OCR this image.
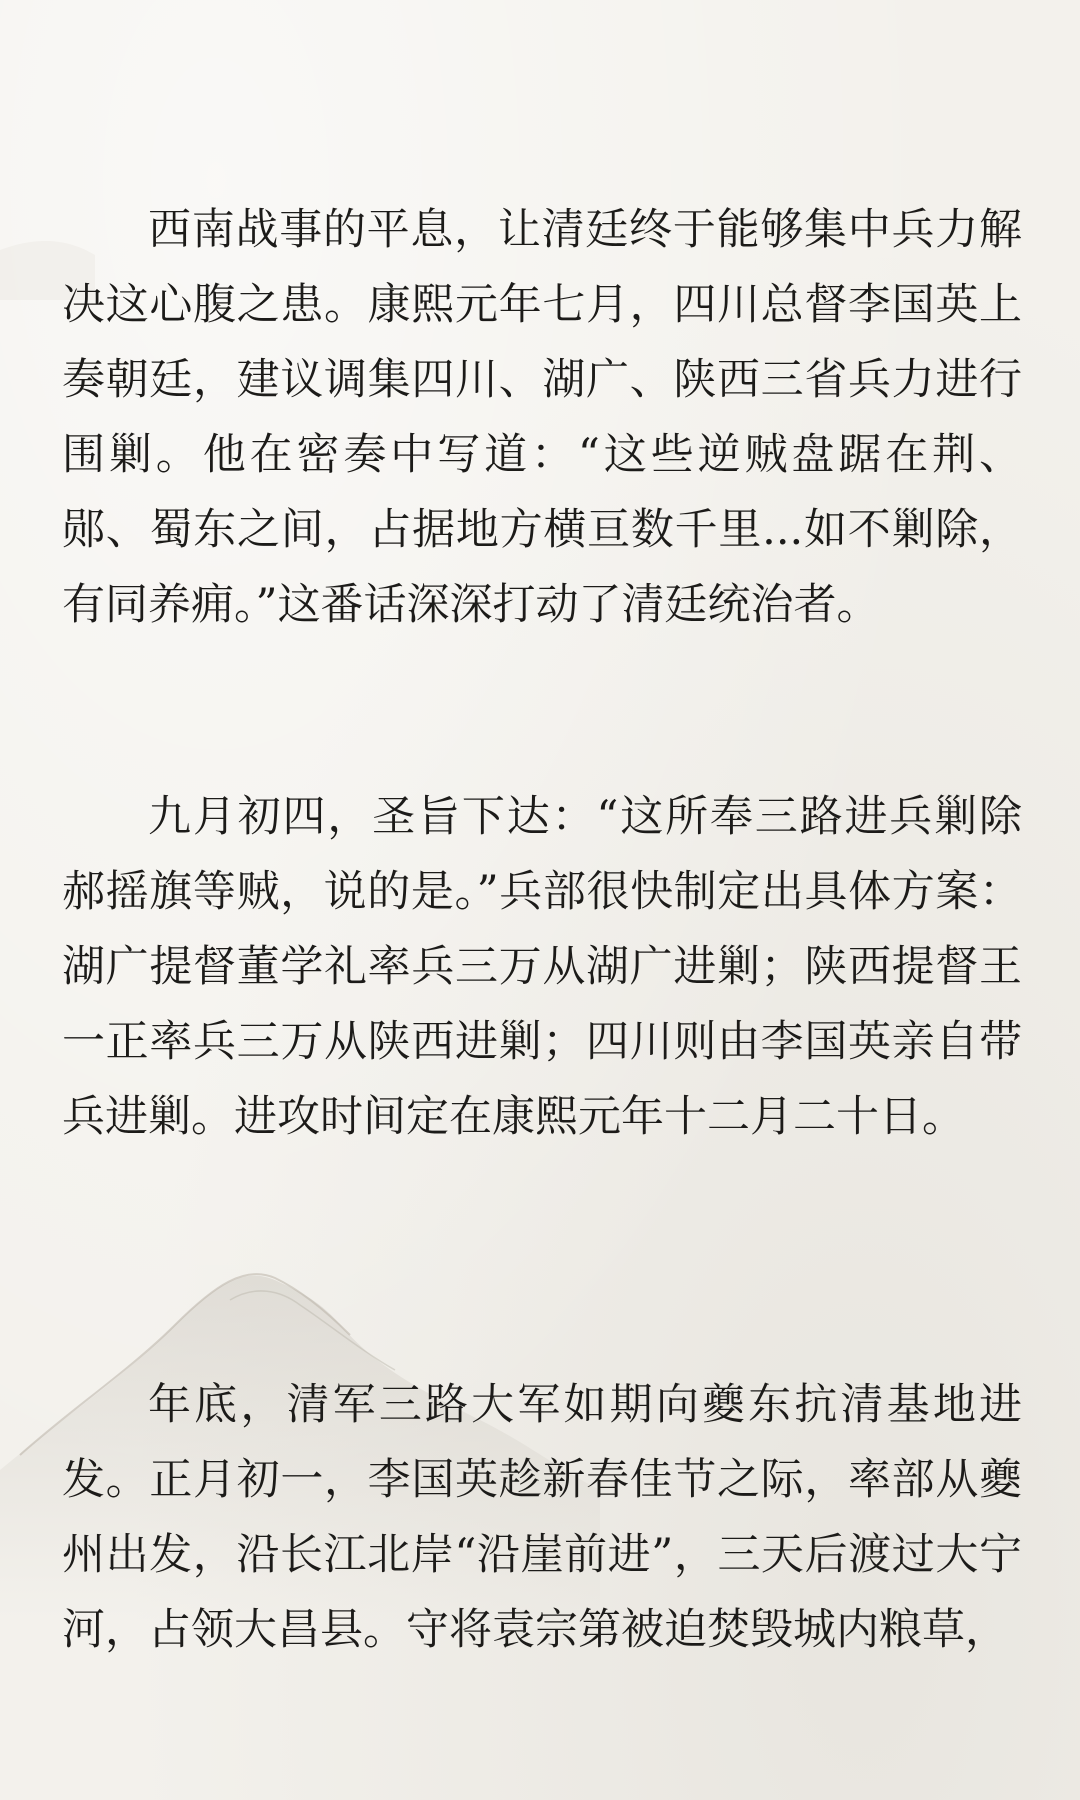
西南战事的平息，让清廷终于能够集中兵力解决这心腹之患。康熙元年七月，四川总督李国英上奏朝廷，建议调集四川、湖广、陕西三省兵力进行围剿。他在密奏中写道：“这些逆贼盘踞在荆、郧、蜀东之间，占据地方横亘数千里...如不剿除，有同养痈。”这番话深深打动了清廷统治者。

九月初四，圣旨下达：“这所奉三路进兵剿除郝摇旗等贼，说的是。”兵部很快制定出具体方案：湖广提督董学礼率兵三万从湖广进剿；陕西提督王一正率兵三万从陕西进剿；四川则由李国英亲自带兵进剿。进攻时间定在康熙元年十二月二十日。

年底，清军三路大军如期向夔东抗清基地进发。正月初一，李国英趁新春佳节之际，率部从夔州出发，沿长江北岸“沿崖前进”，三天后渡过大宁河，占领大昌县。守将袁宗第被迫焚毁城内粮草，
